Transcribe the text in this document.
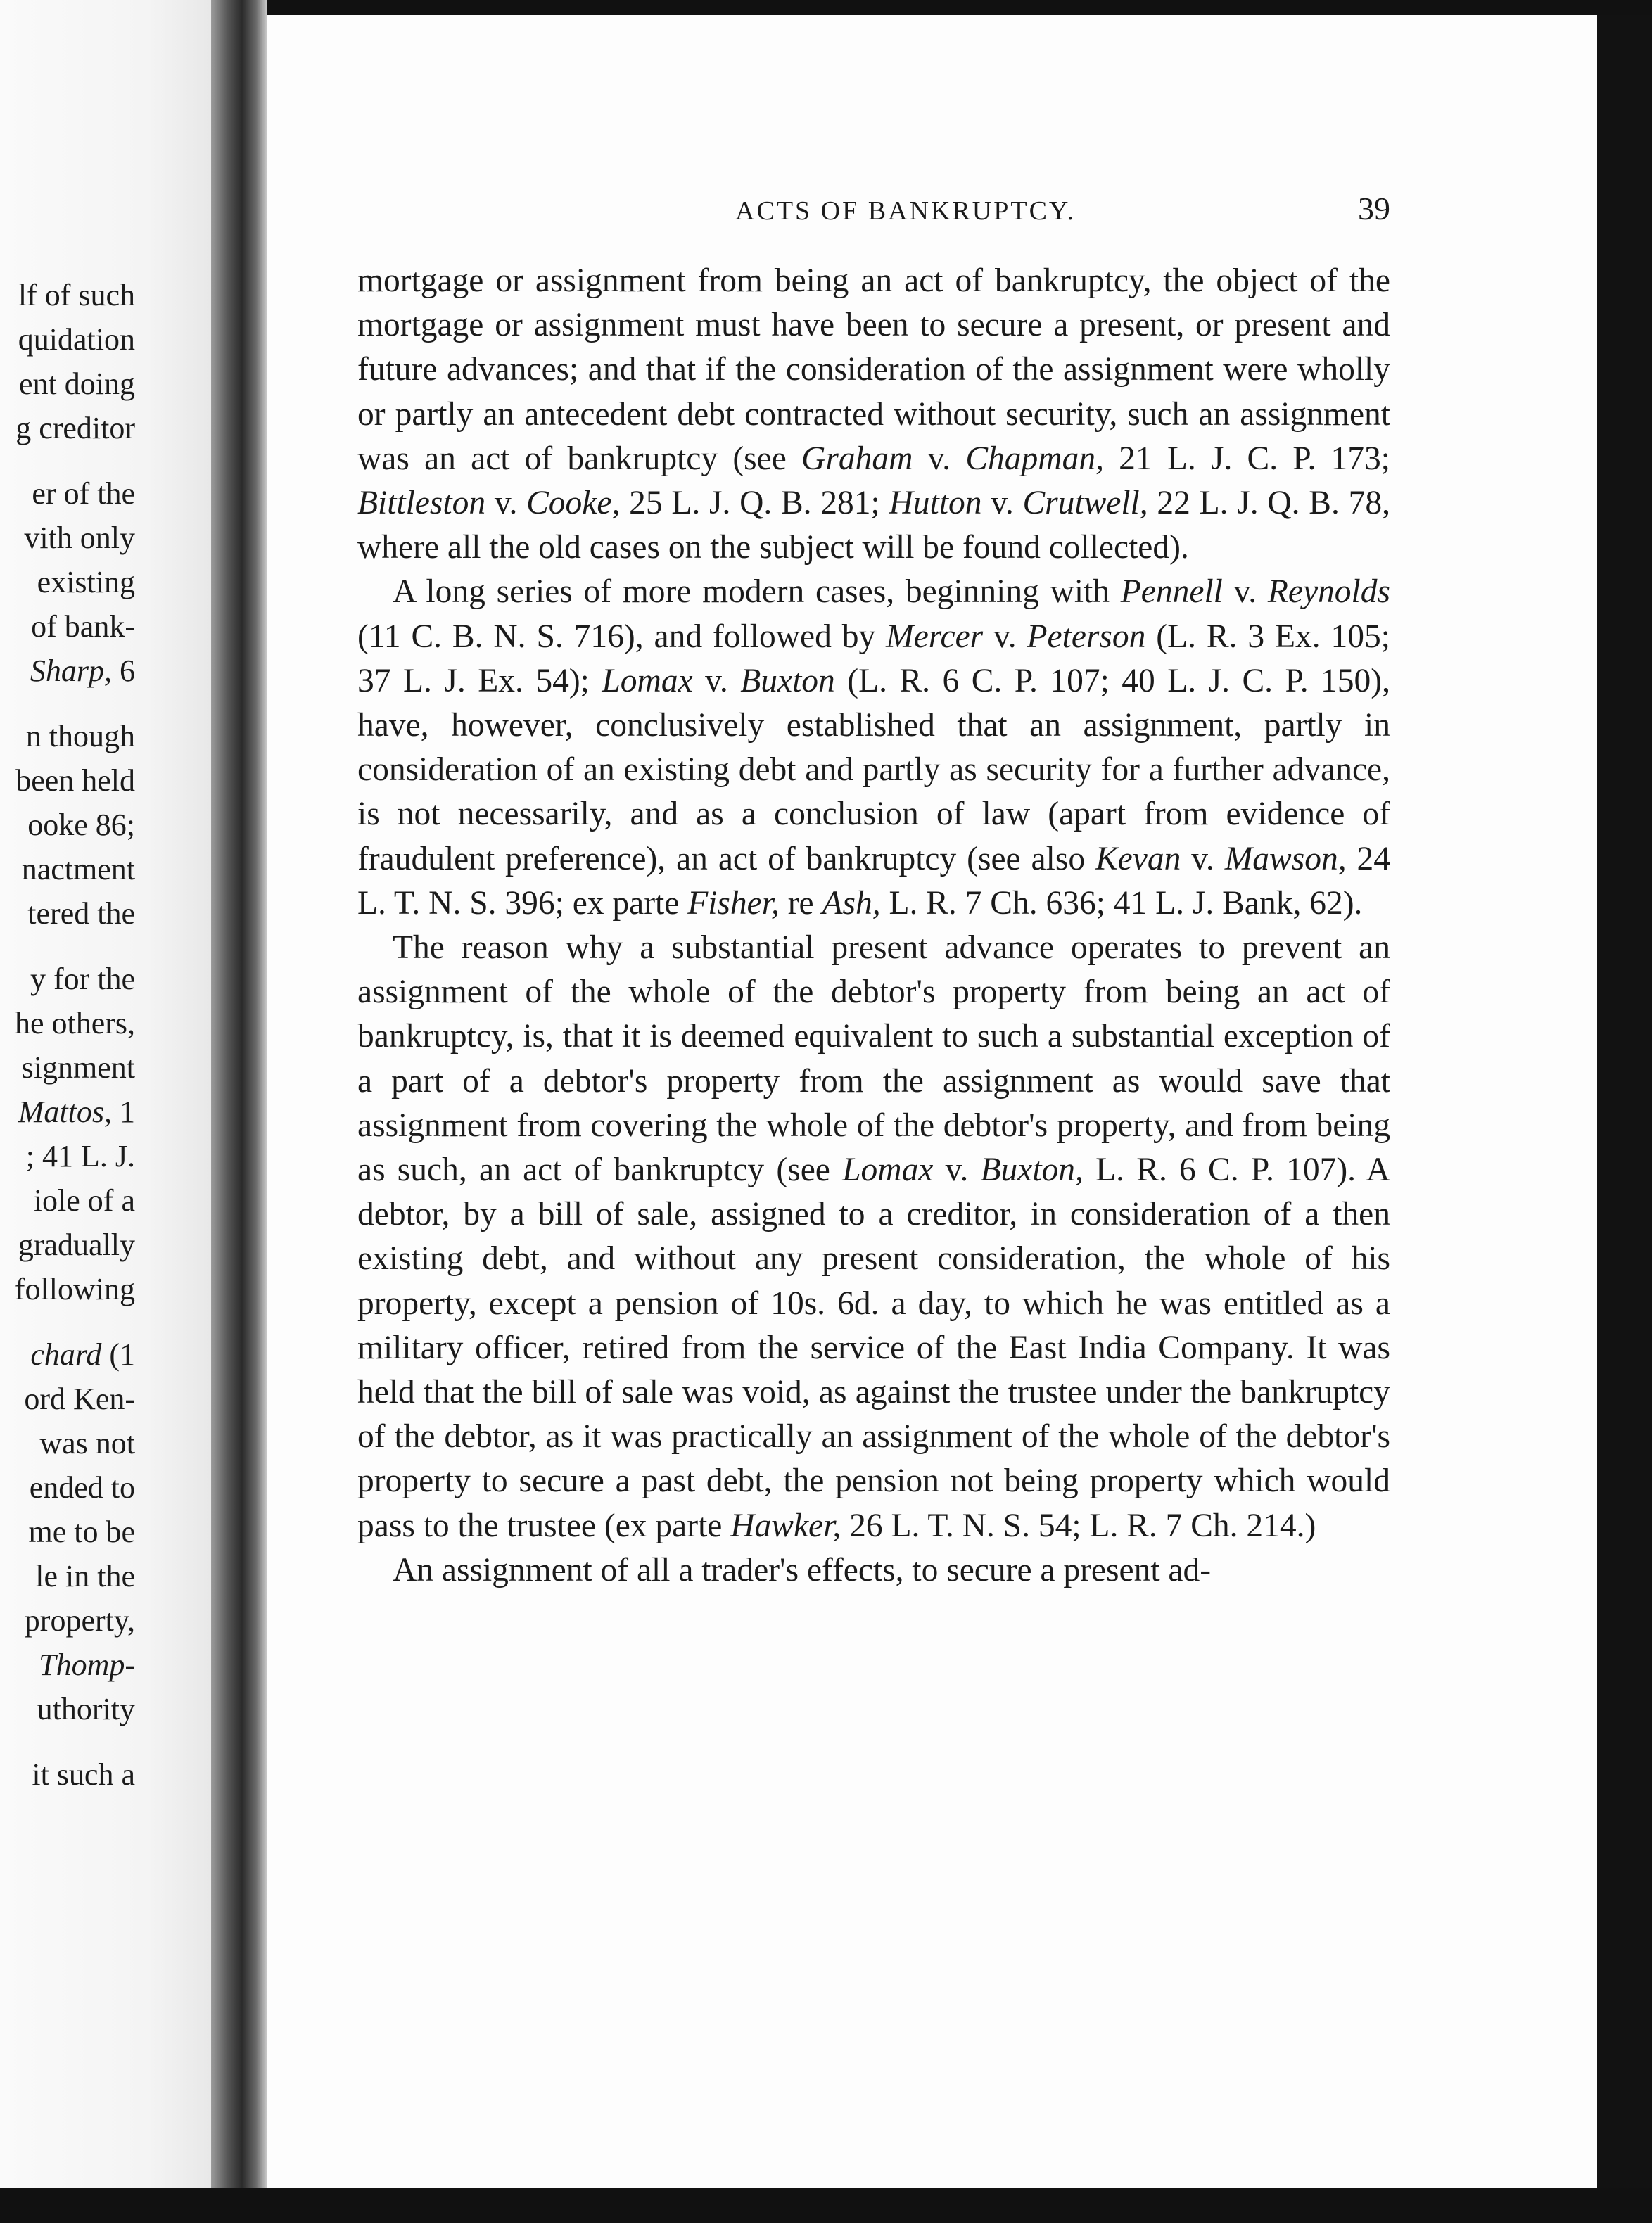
lf of such
quidation
ent doing
g creditor
er of the
vith only
existing
of bank-
Sharp, 6
n though
been held
ooke 86;
nactment
tered the
y for the
he others,
signment
Mattos, 1
; 41 L. J.
iole of a
gradually
following
chard (1
ord Ken-
was not
ended to
me to be
le in the
property,
Thomp-
uthority
it such a
ACTS OF BANKRUPTCY.	39

mortgage or assignment from being an act of bankruptcy, the object of the mortgage or assignment must have been to secure a present, or present and future advances; and that if the consideration of the assignment were wholly or partly an antecedent debt contracted without security, such an assignment was an act of bankruptcy (see Graham v. Chapman, 21 L. J. C. P. 173; Bittleston v. Cooke, 25 L. J. Q. B. 281; Hutton v. Crutwell, 22 L. J. Q. B. 78, where all the old cases on the subject will be found collected).

A long series of more modern cases, beginning with Pennell v. Reynolds (11 C. B. N. S. 716), and followed by Mercer v. Peterson (L. R. 3 Ex. 105; 37 L. J. Ex. 54); Lomax v. Buxton (L. R. 6 C. P. 107; 40 L. J. C. P. 150), have, however, conclusively established that an assignment, partly in consideration of an existing debt and partly as security for a further advance, is not necessarily, and as a conclusion of law (apart from evidence of fraudulent preference), an act of bankruptcy (see also Kevan v. Mawson, 24 L. T. N. S. 396; ex parte Fisher, re Ash, L. R. 7 Ch. 636; 41 L. J. Bank, 62).

The reason why a substantial present advance operates to prevent an assignment of the whole of the debtor's property from being an act of bankruptcy, is, that it is deemed equivalent to such a substantial exception of a part of a debtor's property from the assignment as would save that assignment from covering the whole of the debtor's property, and from being as such, an act of bankruptcy (see Lomax v. Buxton, L. R. 6 C. P. 107). A debtor, by a bill of sale, assigned to a creditor, in consideration of a then existing debt, and without any present consideration, the whole of his property, except a pension of 10s. 6d. a day, to which he was entitled as a military officer, retired from the service of the East India Company. It was held that the bill of sale was void, as against the trustee under the bankruptcy of the debtor, as it was practically an assignment of the whole of the debtor's property to secure a past debt, the pension not being property which would pass to the trustee (ex parte Hawker, 26 L. T. N. S. 54; L. R. 7 Ch. 214.)

An assignment of all a trader's effects, to secure a present ad-
